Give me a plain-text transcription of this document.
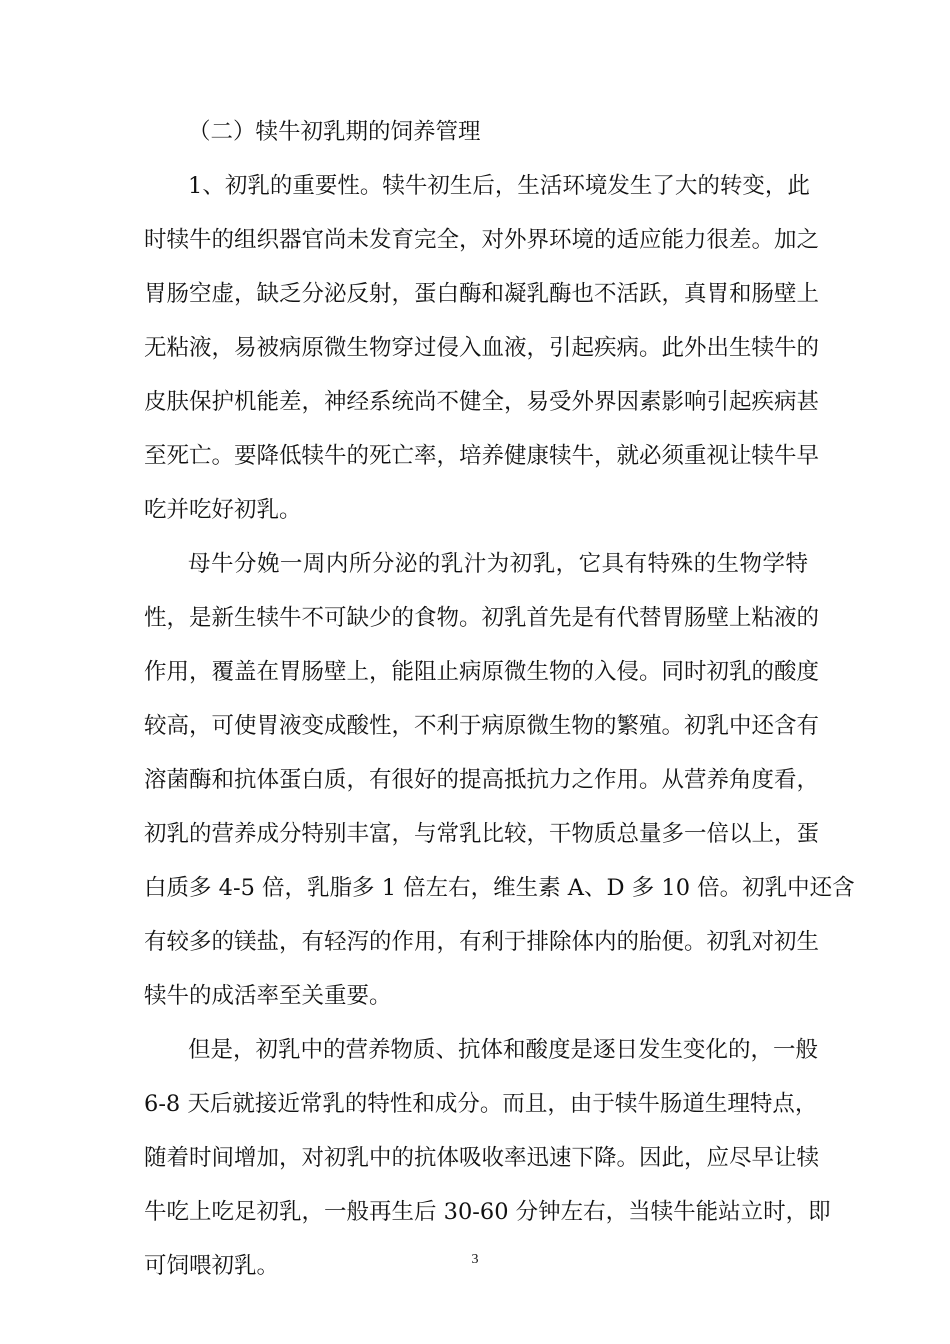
（二）犊牛初乳期的饲养管理
1、初乳的重要性。犊牛初生后，生活环境发生了大的转变，此
时犊牛的组织器官尚未发育完全，对外界环境的适应能力很差。加之
胃肠空虚，缺乏分泌反射，蛋白酶和凝乳酶也不活跃，真胃和肠壁上
无粘液，易被病原微生物穿过侵入血液，引起疾病。此外出生犊牛的
皮肤保护机能差，神经系统尚不健全，易受外界因素影响引起疾病甚
至死亡。要降低犊牛的死亡率，培养健康犊牛，就必须重视让犊牛早
吃并吃好初乳。
母牛分娩一周内所分泌的乳汁为初乳，它具有特殊的生物学特
性，是新生犊牛不可缺少的食物。初乳首先是有代替胃肠壁上粘液的
作用，覆盖在胃肠壁上，能阻止病原微生物的入侵。同时初乳的酸度
较高，可使胃液变成酸性，不利于病原微生物的繁殖。初乳中还含有
溶菌酶和抗体蛋白质，有很好的提高抵抗力之作用。从营养角度看，
初乳的营养成分特别丰富，与常乳比较，干物质总量多一倍以上，蛋
白质多 4-5 倍，乳脂多 1 倍左右，维生素 A、D 多 10 倍。初乳中还含
有较多的镁盐，有轻泻的作用，有利于排除体内的胎便。初乳对初生
犊牛的成活率至关重要。
但是，初乳中的营养物质、抗体和酸度是逐日发生变化的，一般
6-8 天后就接近常乳的特性和成分。而且，由于犊牛肠道生理特点，
随着时间增加，对初乳中的抗体吸收率迅速下降。因此，应尽早让犊
牛吃上吃足初乳，一般再生后 30-60 分钟左右，当犊牛能站立时，即
可饲喂初乳。	3
